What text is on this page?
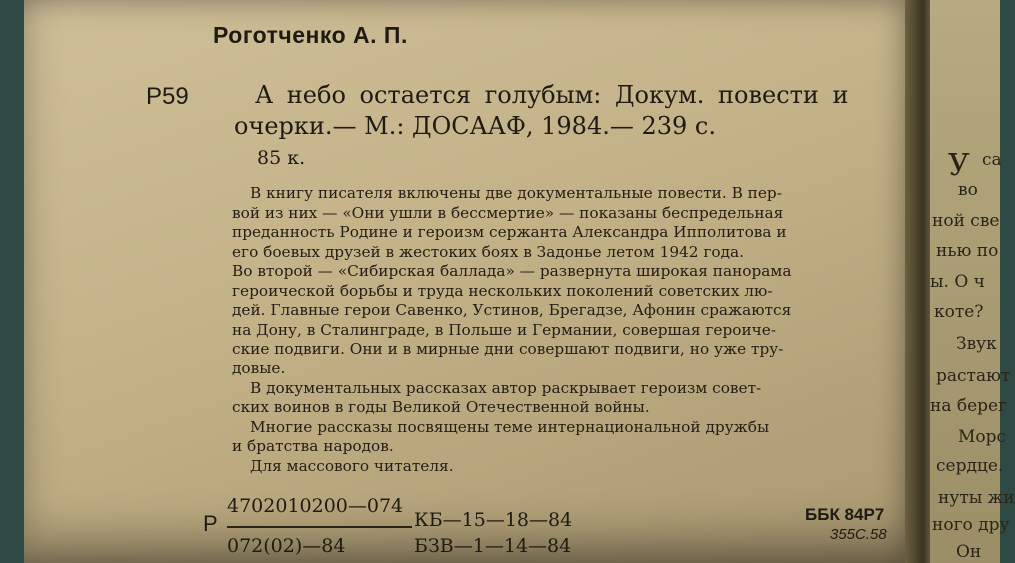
У са
во
ной све
нью по
ы. О ч
коте?
Звук
растают
на берег
Морс
сердце.
нуты жи
ного дру
Он
Роготченко А. П.
Р59	А небо остается голубым: Докум. повести и
очерки.— М.: ДОСААФ, 1984.— 239 с.
85 к.
В книгу писателя включены две документальные повести. В пер-
вой из них — «Они ушли в бессмертие» — показаны беспредельная
преданность Родине и героизм сержанта Александра Ипполитова и
его боевых друзей в жестоких боях в Задонье летом 1942 года.
Во второй — «Сибирская баллада» — развернута широкая панорама
героической борьбы и труда нескольких поколений советских лю-
дей. Главные герои Савенко, Устинов, Брегадзе, Афонин сражаются
на Дону, в Сталинграде, в Польше и Германии, совершая героиче-
ские подвиги. Они и в мирные дни совершают подвиги, но уже тру-
довые.
В документальных рассказах автор раскрывает героизм совет-
ских воинов в годы Великой Отечественной войны.
Многие рассказы посвящены теме интернациональной дружбы
и братства народов.
Для массового читателя.
Р
4702010200—074
072(02)—84
КБ—15—18—84
БЗВ—1—14—84
ББК 84Р7
355С.58
